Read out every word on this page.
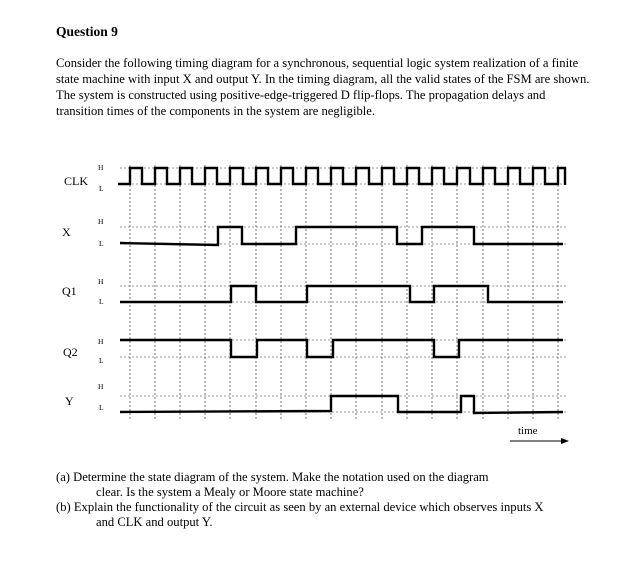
Question 9

Consider the following timing diagram for a synchronous, sequential logic system realization of a finite state machine with input X and output Y. In the timing diagram, all the valid states of the FSM are shown. The system is constructed using positive-edge-triggered D flip-flops. The propagation delays and transition times of the components in the system are negligible.

CLK
X
Q1
Q2
Y
H
L
H
L
H
L
H
L
H
L
time
(a) Determine the state diagram of the system. Make the notation used on the diagram
clear. Is the system a Mealy or Moore state machine?
(b) Explain the functionality of the circuit as seen by an external device which observes inputs X
and CLK and output Y.
